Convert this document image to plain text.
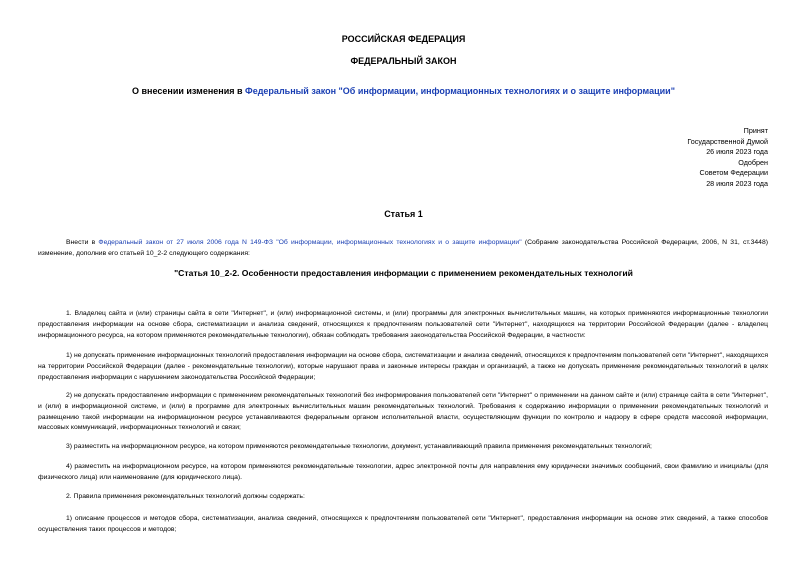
РОССИЙСКАЯ ФЕДЕРАЦИЯ
ФЕДЕРАЛЬНЫЙ ЗАКОН
О внесении изменения в Федеральный закон "Об информации, информационных технологиях и о защите информации"
Принят
Государственной Думой
26 июля 2023 года
Одобрен
Советом Федерации
28 июля 2023 года
Статья 1
Внести в Федеральный закон от 27 июля 2006 года N 149-ФЗ "Об информации, информационных технологиях и о защите информации" (Собрание законодательства Российской Федерации, 2006, N 31, ст.3448) изменение, дополнив его статьей 10_2-2 следующего содержания:
"Статья 10_2-2. Особенности предоставления информации с применением рекомендательных технологий
1. Владелец сайта и (или) страницы сайта в сети "Интернет", и (или) информационной системы, и (или) программы для электронных вычислительных машин, на которых применяются информационные технологии предоставления информации на основе сбора, систематизации и анализа сведений, относящихся к предпочтениям пользователей сети "Интернет", находящихся на территории Российской Федерации (далее - владелец информационного ресурса, на котором применяются рекомендательные технологии), обязан соблюдать требования законодательства Российской Федерации, в частности:
1) не допускать применение информационных технологий предоставления информации на основе сбора, систематизации и анализа сведений, относящихся к предпочтениям пользователей сети "Интернет", находящихся на территории Российской Федерации (далее - рекомендательные технологии), которые нарушают права и законные интересы граждан и организаций, а также не допускать применение рекомендательных технологий в целях предоставления информации с нарушением законодательства Российской Федерации;
2) не допускать предоставление информации с применением рекомендательных технологий без информирования пользователей сети "Интернет" о применении на данном сайте и (или) странице сайта в сети "Интернет", и (или) в информационной системе, и (или) в программе для электронных вычислительных машин рекомендательных технологий. Требования к содержанию информации о применении рекомендательных технологий и размещению такой информации на информационном ресурсе устанавливаются федеральным органом исполнительной власти, осуществляющим функции по контролю и надзору в сфере средств массовой информации, массовых коммуникаций, информационных технологий и связи;
3) разместить на информационном ресурсе, на котором применяются рекомендательные технологии, документ, устанавливающий правила применения рекомендательных технологий;
4) разместить на информационном ресурсе, на котором применяются рекомендательные технологии, адрес электронной почты для направления ему юридически значимых сообщений, свои фамилию и инициалы (для физического лица) или наименование (для юридического лица).
2. Правила применения рекомендательных технологий должны содержать:
1) описание процессов и методов сбора, систематизации, анализа сведений, относящихся к предпочтениям пользователей сети "Интернет", предоставления информации на основе этих сведений, а также способов осуществления таких процессов и методов;
